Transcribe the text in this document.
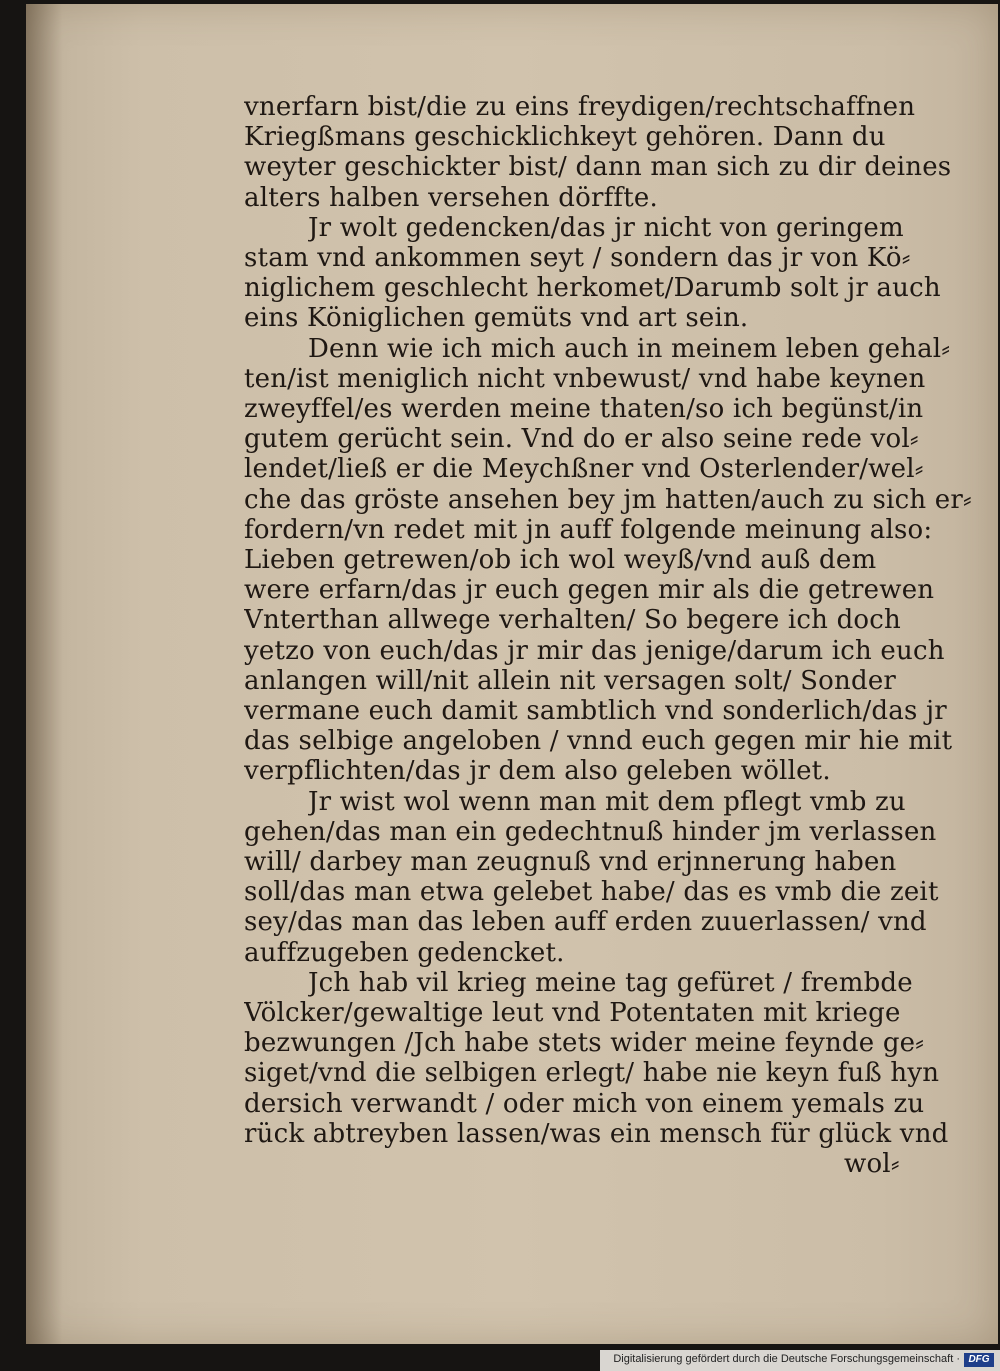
vnerfarn bist/die zu eins freydigen/rechtschaffnen
Kriegßmans geschicklichkeyt gehören. Dann du
weyter geschickter bist/ dann man sich zu dir deines
alters halben versehen dörffte.
Jr wolt gedencken/das jr nicht von geringem
stam vnd ankommen seyt / sondern das jr von Kö⸗
niglichem geschlecht herkomet/Darumb solt jr auch
eins Königlichen gemüts vnd art sein.
Denn wie ich mich auch in meinem leben gehal⸗
ten/ist meniglich nicht vnbewust/ vnd habe keynen
zweyffel/es werden meine thaten/so ich begünst/in
gutem gerücht sein. Vnd do er also seine rede vol⸗
lendet/ließ er die Meychßner vnd Osterlender/wel⸗
che das gröste ansehen bey jm hatten/auch zu sich er⸗
fordern/vn redet mit jn auff folgende meinung also:
Lieben getrewen/ob ich wol weyß/vnd auß dem
were erfarn/das jr euch gegen mir als die getrewen
Vnterthan allwege verhalten/ So begere ich doch
yetzo von euch/das jr mir das jenige/darum ich euch
anlangen will/nit allein nit versagen solt/ Sonder
vermane euch damit sambtlich vnd sonderlich/das jr
das selbige angeloben / vnnd euch gegen mir hie mit
verpflichten/das jr dem also geleben wöllet.
Jr wist wol wenn man mit dem pflegt vmb zu
gehen/das man ein gedechtnuß hinder jm verlassen
will/ darbey man zeugnuß vnd erjnnerung haben
soll/das man etwa gelebet habe/ das es vmb die zeit
sey/das man das leben auff erden zuuerlassen/ vnd
auffzugeben gedencket.
Jch hab vil krieg meine tag gefüret / frembde
Völcker/gewaltige leut vnd Potentaten mit kriege
bezwungen /Jch habe stets wider meine feynde ge⸗
siget/vnd die selbigen erlegt/ habe nie keyn fuß hyn
dersich verwandt / oder mich von einem yemals zu
rück abtreyben lassen/was ein mensch für glück vnd
wol⸗
Digitalisierung gefördert durch die Deutsche Forschungsgemeinschaft · DFG
